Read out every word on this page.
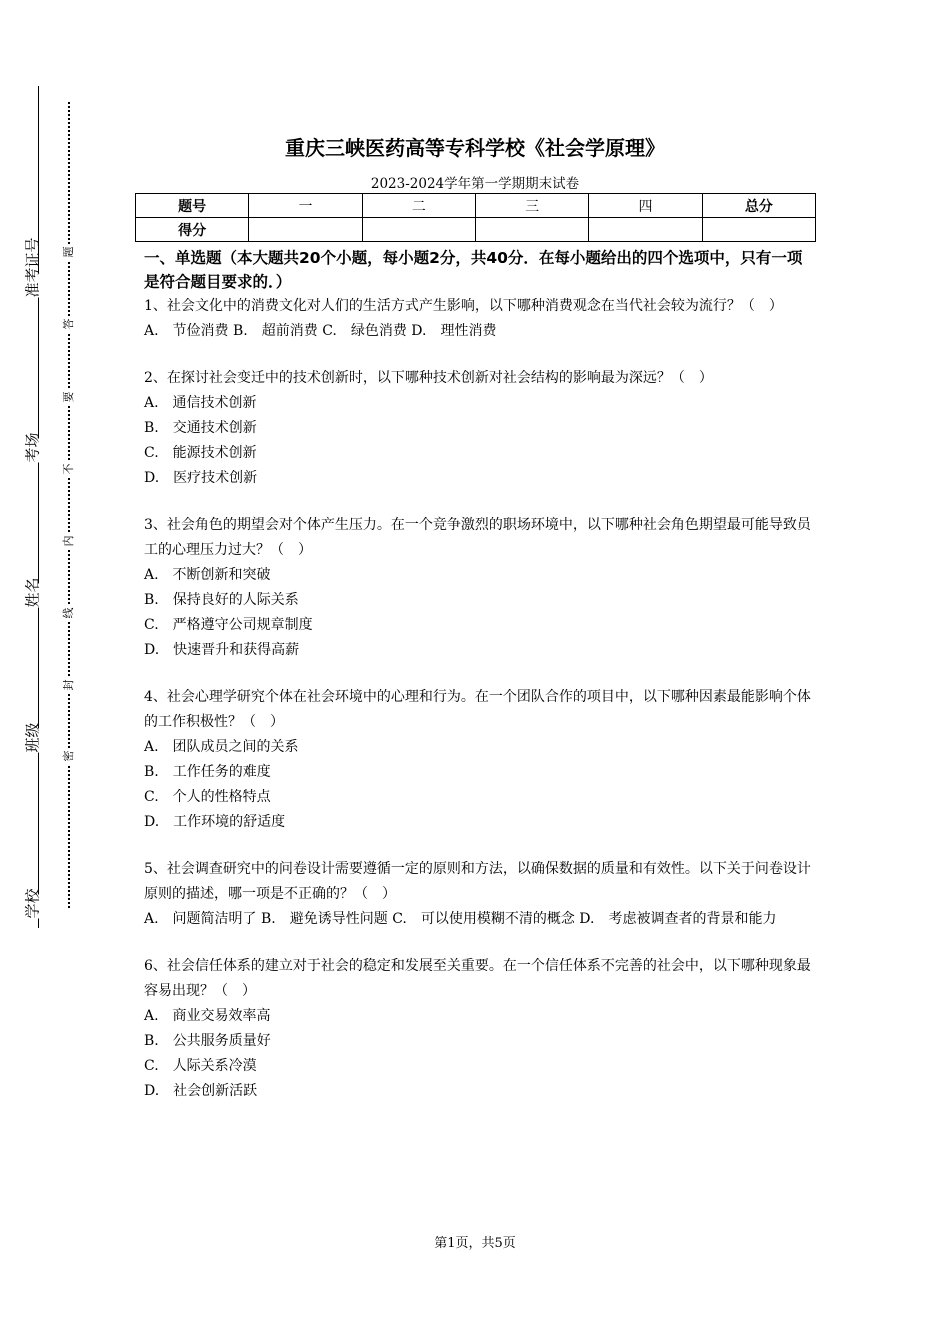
准考证号
考场
姓名
班级
学校
题
答
要
不
内
线
封
密
重庆三峡医药高等专科学校《社会学原理》
2023-2024学年第一学期期末试卷
题号	一	二	三	四	总分
得分					
一、单选题（本大题共20个小题，每小题2分，共40分．在每小题给出的四个选项中，只有一项是符合题目要求的．）
1、社会文化中的消费文化对人们的生活方式产生影响，以下哪种消费观念在当代社会较为流行？（　）
A.　节俭消费 B.　超前消费 C.　绿色消费 D.　理性消费
2、在探讨社会变迁中的技术创新时，以下哪种技术创新对社会结构的影响最为深远？（　）
A.　通信技术创新
B.　交通技术创新
C.　能源技术创新
D.　医疗技术创新
3、社会角色的期望会对个体产生压力。在一个竞争激烈的职场环境中，以下哪种社会角色期望最可能导致员工的心理压力过大？（　）
A.　不断创新和突破
B.　保持良好的人际关系
C.　严格遵守公司规章制度
D.　快速晋升和获得高薪
4、社会心理学研究个体在社会环境中的心理和行为。在一个团队合作的项目中，以下哪种因素最能影响个体的工作积极性？（　）
A.　团队成员之间的关系
B.　工作任务的难度
C.　个人的性格特点
D.　工作环境的舒适度
5、社会调查研究中的问卷设计需要遵循一定的原则和方法，以确保数据的质量和有效性。以下关于问卷设计原则的描述，哪一项是不正确的？（　）
A.　问题简洁明了 B.　避免诱导性问题 C.　可以使用模糊不清的概念 D.　考虑被调查者的背景和能力
6、社会信任体系的建立对于社会的稳定和发展至关重要。在一个信任体系不完善的社会中，以下哪种现象最容易出现？（　）
A.　商业交易效率高
B.　公共服务质量好
C.　人际关系冷漠
D.　社会创新活跃
第1页，共5页
